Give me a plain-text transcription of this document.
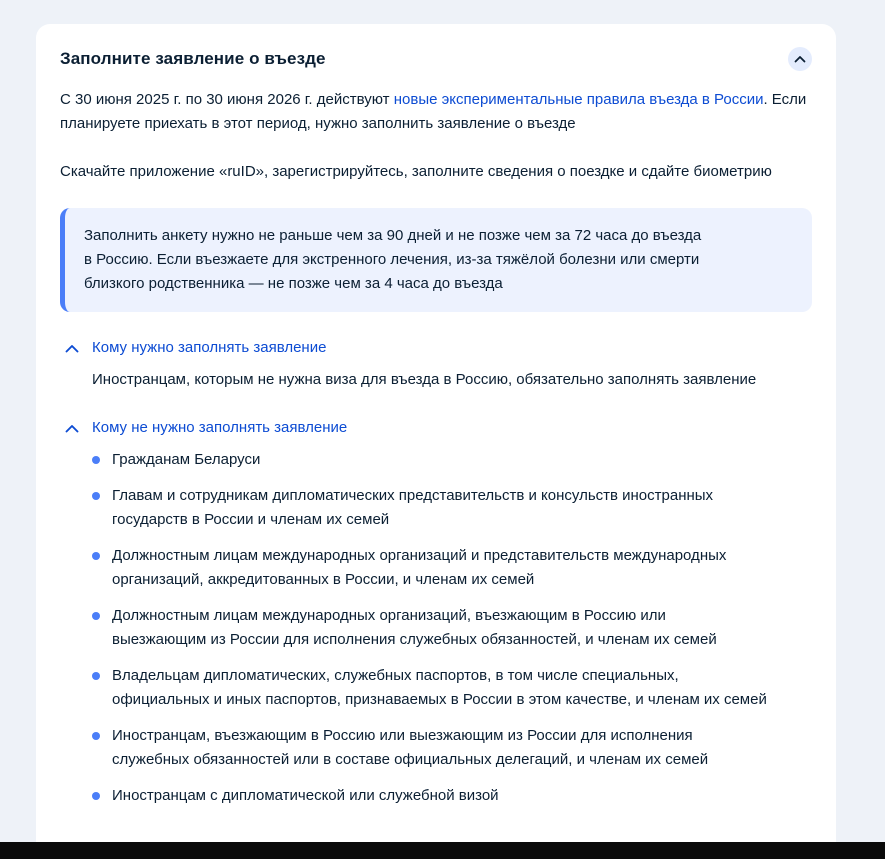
Заполните заявление о въезде

С 30 июня 2025 г. по 30 июня 2026 г. действуют новые экспериментальные правила въезда в России. Если планируете приехать в этот период, нужно заполнить заявление о въезде

Скачайте приложение «ruID», зарегистрируйтесь, заполните сведения о поездке и сдайте биометрию

Заполнить анкету нужно не раньше чем за 90 дней и не позже чем за 72 часа до въезда
в Россию. Если въезжаете для экстренного лечения, из-за тяжёлой болезни или смерти
близкого родственника — не позже чем за 4 часа до въезда

Кому нужно заполнять заявление

Иностранцам, которым не нужна виза для въезда в Россию, обязательно заполнять заявление

Кому не нужно заполнять заявление
Гражданам Беларуси
Главам и сотрудникам дипломатических представительств и консульств иностранных
государств в России и членам их семей
Должностным лицам международных организаций и представительств международных
организаций, аккредитованных в России, и членам их семей
Должностным лицам международных организаций, въезжающим в Россию или
выезжающим из России для исполнения служебных обязанностей, и членам их семей
Владельцам дипломатических, служебных паспортов, в том числе специальных,
официальных и иных паспортов, признаваемых в России в этом качестве, и членам их семей
Иностранцам, въезжающим в Россию или выезжающим из России для исполнения
служебных обязанностей или в составе официальных делегаций, и членам их семей
Иностранцам с дипломатической или служебной визой
